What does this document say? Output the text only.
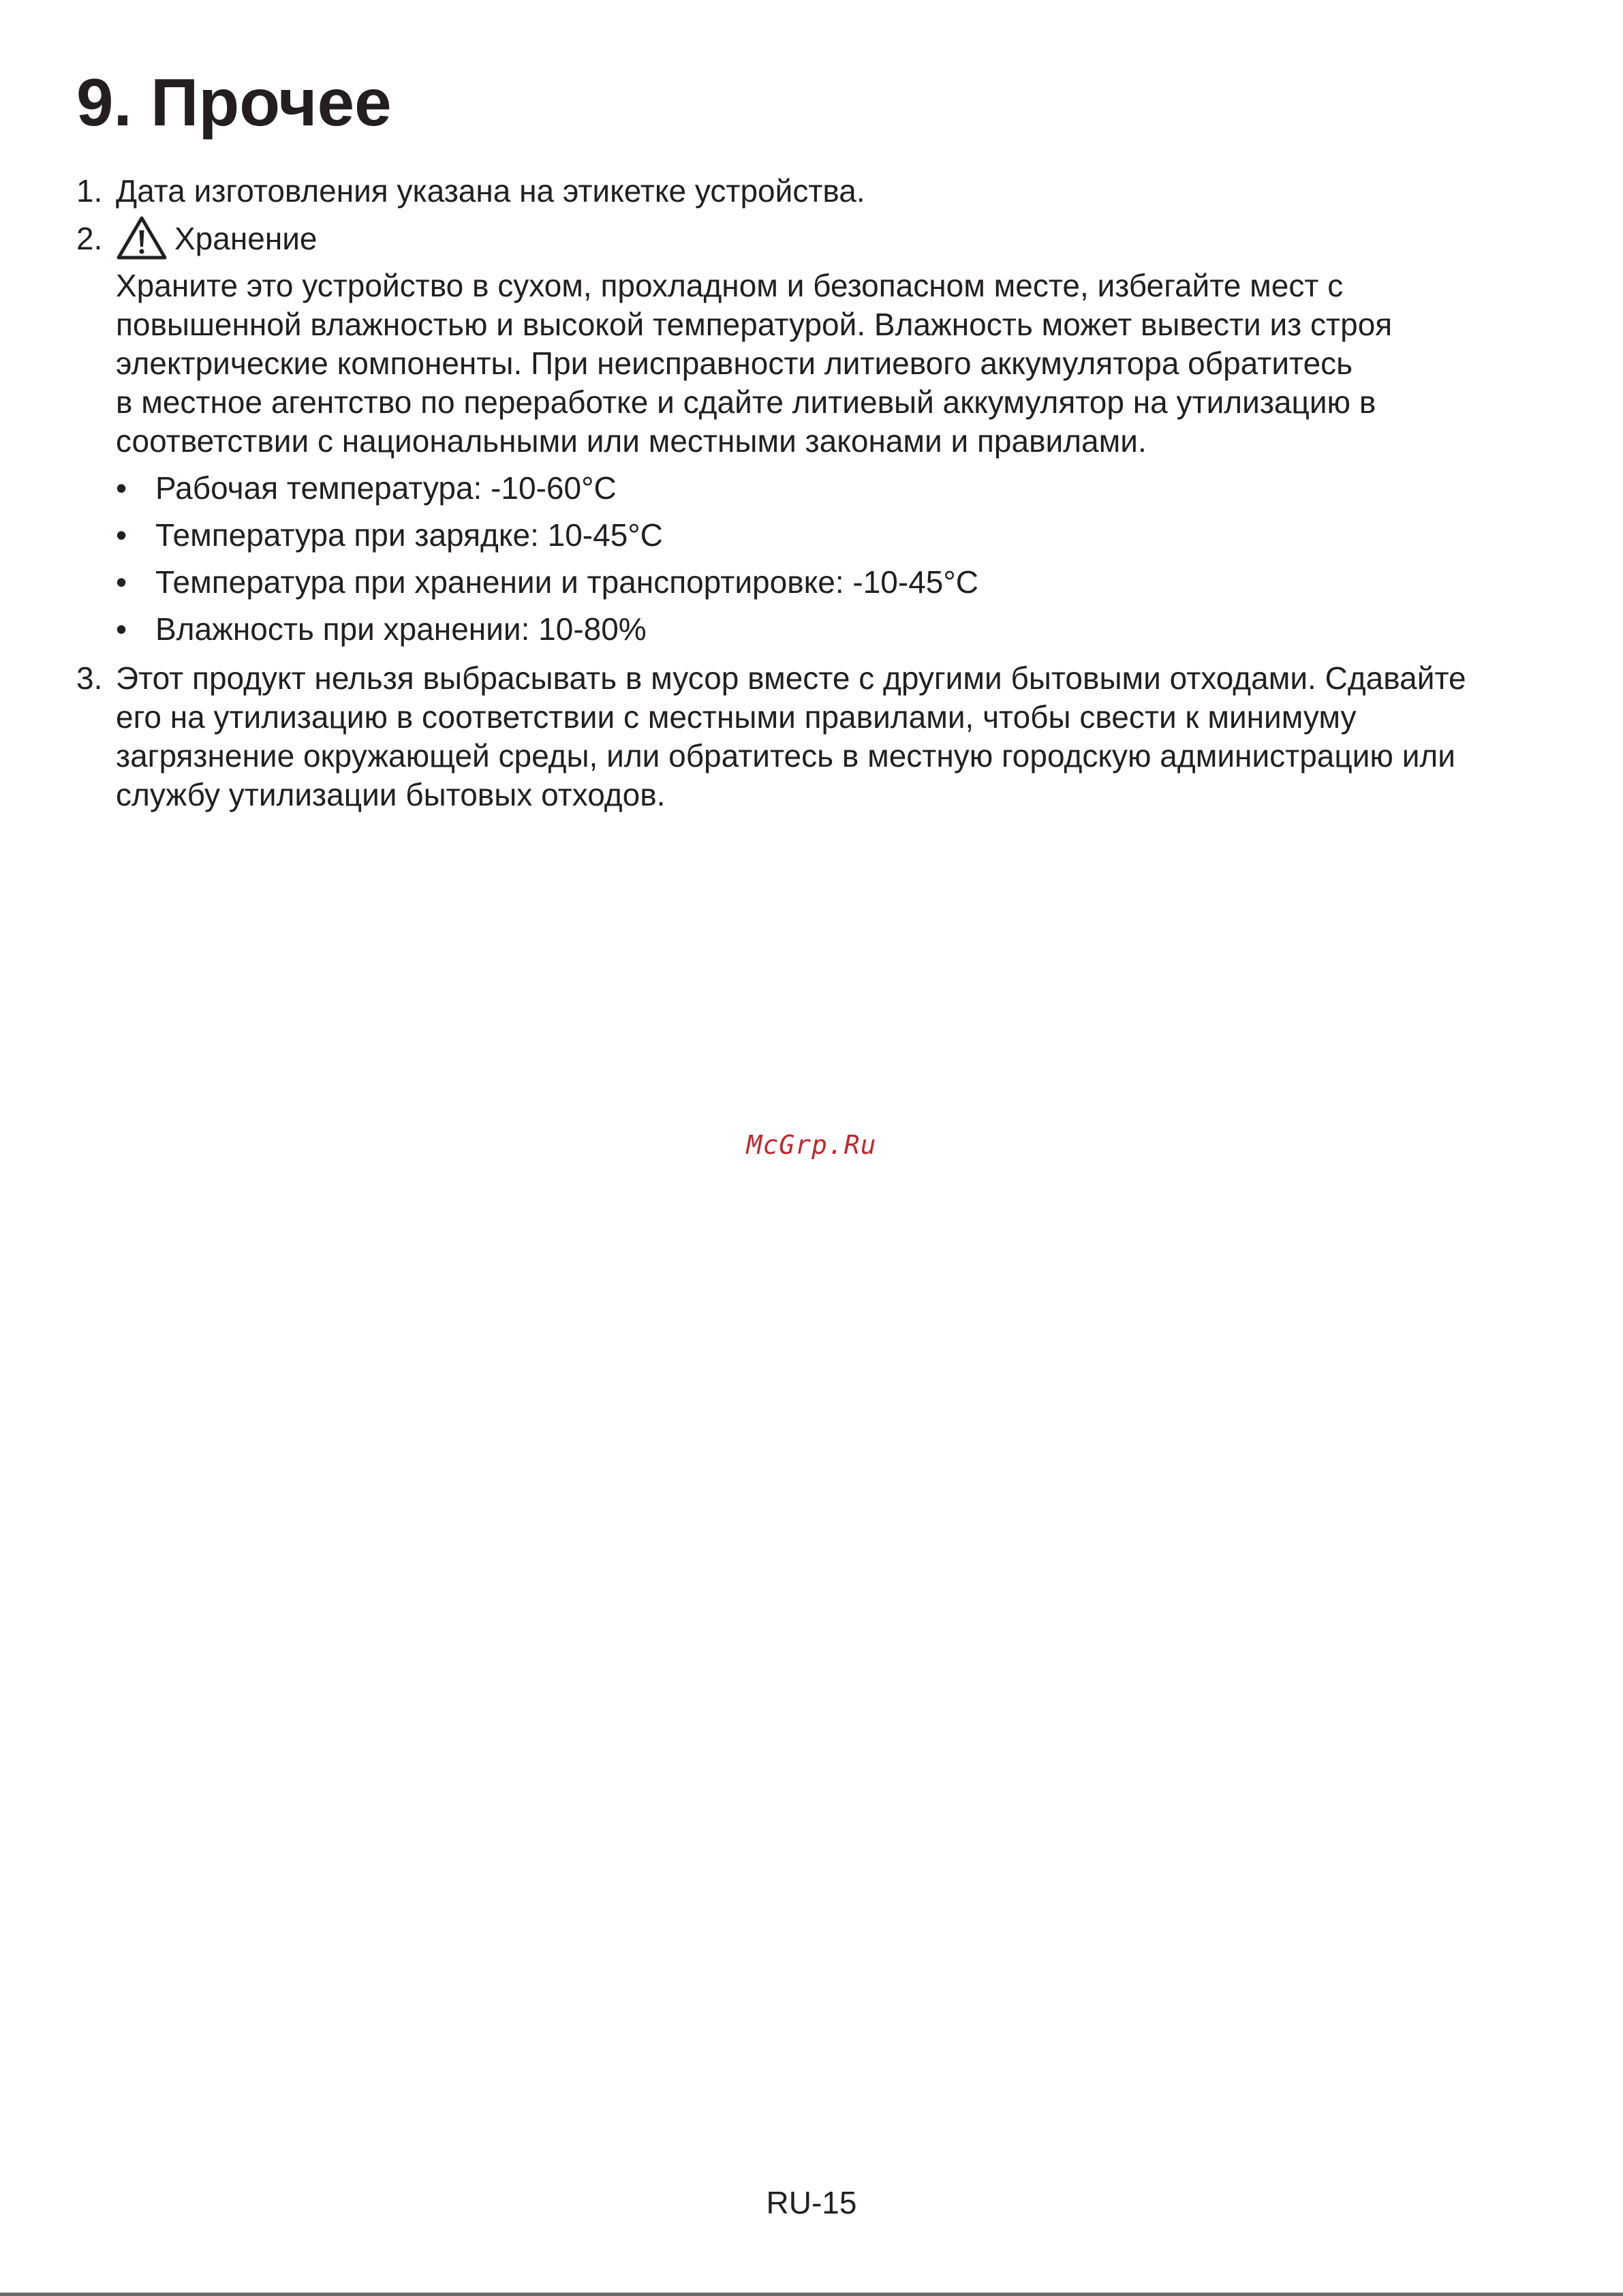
9. Прочее
1. Дата изготовления указана на этикетке устройства.
2.	Хранение
Храните это устройство в сухом, прохладном и безопасном месте, избегайте мест с
повышенной влажностью и высокой температурой. Влажность может вывести из строя
электрические компоненты. При неисправности литиевого аккумулятора обратитесь
в местное агентство по переработке и сдайте литиевый аккумулятор на утилизацию в
соответствии с национальными или местными законами и правилами.
• Рабочая температура: -10-60°C
• Температура при зарядке: 10-45°C
• Температура при хранении и транспортировке: -10-45°C
• Влажность при хранении: 10-80%
3. Этот продукт нельзя выбрасывать в мусор вместе с другими бытовыми отходами. Сдавайте
его на утилизацию в соответствии с местными правилами, чтобы свести к минимуму
загрязнение окружающей среды, или обратитесь в местную городскую администрацию или
службу утилизации бытовых отходов.
McGrp.Ru
RU-15
